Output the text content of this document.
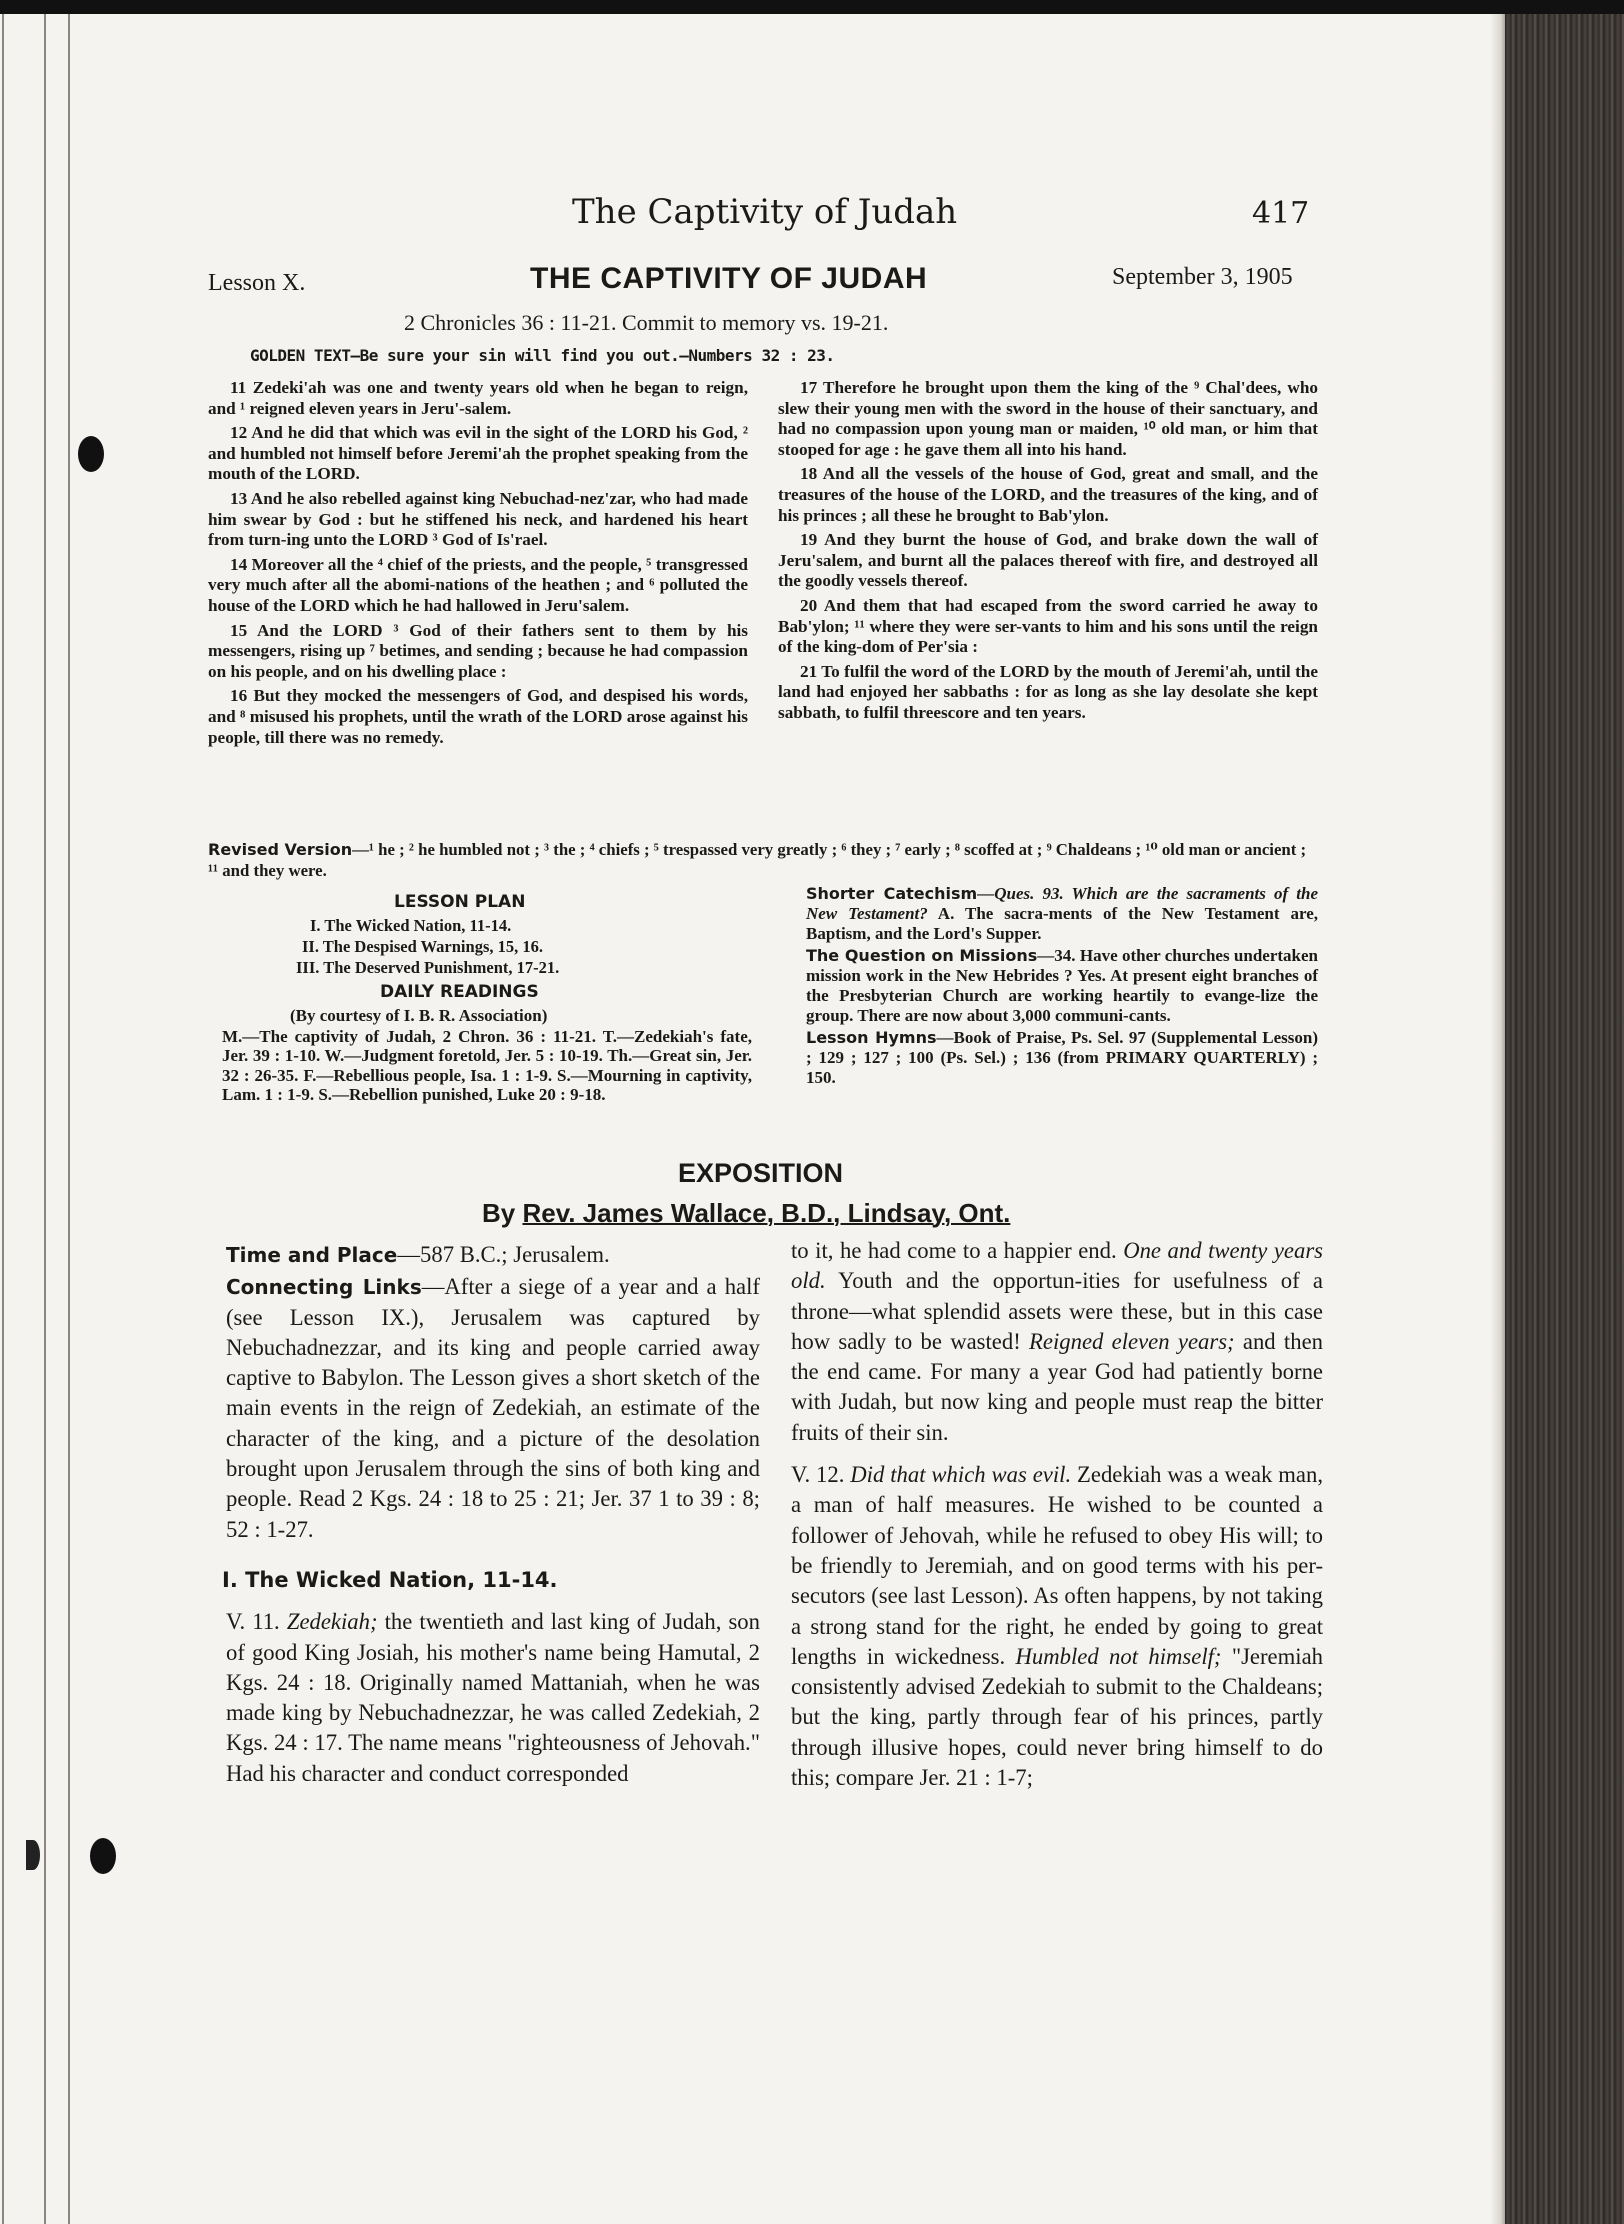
The Captivity of Judah	417
Lesson X.	THE CAPTIVITY OF JUDAH	September 3, 1905
2 Chronicles 36 : 11-21. Commit to memory vs. 19-21.
GOLDEN TEXT—Be sure your sin will find you out.—Numbers 32 : 23.

11 Zedeki'ah was one and twenty years old when he began to reign, and ¹ reigned eleven years in Jeru'-salem.

12 And he did that which was evil in the sight of the LORD his God, ² and humbled not himself before Jeremi'ah the prophet speaking from the mouth of the LORD.

13 And he also rebelled against king Nebuchad-nez'zar, who had made him swear by God : but he stiffened his neck, and hardened his heart from turn-ing unto the LORD ³ God of Is'rael.

14 Moreover all the ⁴ chief of the priests, and the people, ⁵ transgressed very much after all the abomi-nations of the heathen ; and ⁶ polluted the house of the LORD which he had hallowed in Jeru'salem.

15 And the LORD ³ God of their fathers sent to them by his messengers, rising up ⁷ betimes, and sending ; because he had compassion on his people, and on his dwelling place :

16 But they mocked the messengers of God, and despised his words, and ⁸ misused his prophets, until the wrath of the LORD arose against his people, till there was no remedy.

17 Therefore he brought upon them the king of the ⁹ Chal'dees, who slew their young men with the sword in the house of their sanctuary, and had no compassion upon young man or maiden, ¹⁰ old man, or him that stooped for age : he gave them all into his hand.

18 And all the vessels of the house of God, great and small, and the treasures of the house of the LORD, and the treasures of the king, and of his princes ; all these he brought to Bab'ylon.

19 And they burnt the house of God, and brake down the wall of Jeru'salem, and burnt all the palaces thereof with fire, and destroyed all the goodly vessels thereof.

20 And them that had escaped from the sword carried he away to Bab'ylon; ¹¹ where they were ser-vants to him and his sons until the reign of the king-dom of Per'sia :

21 To fulfil the word of the LORD by the mouth of Jeremi'ah, until the land had enjoyed her sabbaths : for as long as she lay desolate she kept sabbath, to fulfil threescore and ten years.

Revised Version—¹ he ; ² he humbled not ; ³ the ; ⁴ chiefs ; ⁵ trespassed very greatly ; ⁶ they ; ⁷ early ; ⁸ scoffed at ; ⁹ Chaldeans ; ¹⁰ old man or ancient ; ¹¹ and they were.
LESSON PLAN
I. The Wicked Nation, 11-14.
II. The Despised Warnings, 15, 16.
III. The Deserved Punishment, 17-21.
DAILY READINGS
(By courtesy of I. B. R. Association)
M.—The captivity of Judah, 2 Chron. 36 : 11-21. T.—Zedekiah's fate, Jer. 39 : 1-10. W.—Judgment foretold, Jer. 5 : 10-19. Th.—Great sin, Jer. 32 : 26-35. F.—Rebellious people, Isa. 1 : 1-9. S.—Mourning in captivity, Lam. 1 : 1-9. S.—Rebellion punished, Luke 20 : 9-18.

Shorter Catechism—Ques. 93. Which are the sacraments of the New Testament? A. The sacra-ments of the New Testament are, Baptism, and the Lord's Supper.

The Question on Missions—34. Have other churches undertaken mission work in the New Hebrides ? Yes. At present eight branches of the Presbyterian Church are working heartily to evange-lize the group. There are now about 3,000 communi-cants.

Lesson Hymns—Book of Praise, Ps. Sel. 97 (Supplemental Lesson) ; 129 ; 127 ; 100 (Ps. Sel.) ; 136 (from PRIMARY QUARTERLY) ; 150.

EXPOSITION
By Rev. James Wallace, B.D., Lindsay, Ont.

Time and Place—587 B.C.; Jerusalem.

Connecting Links—After a siege of a year and a half (see Lesson IX.), Jerusalem was captured by Nebuchadnezzar, and its king and people carried away captive to Babylon. The Lesson gives a short sketch of the main events in the reign of Zedekiah, an estimate of the character of the king, and a picture of the desolation brought upon Jerusalem through the sins of both king and people. Read 2 Kgs. 24 : 18 to 25 : 21; Jer. 37 1 to 39 : 8; 52 : 1-27.

I. The Wicked Nation, 11-14.

V. 11. Zedekiah; the twentieth and last king of Judah, son of good King Josiah, his mother's name being Hamutal, 2 Kgs. 24 : 18. Originally named Mattaniah, when he was made king by Nebuchadnezzar, he was called Zedekiah, 2 Kgs. 24 : 17. The name means "righteousness of Jehovah." Had his character and conduct corresponded

to it, he had come to a happier end. One and twenty years old. Youth and the opportun-ities for usefulness of a throne—what splendid assets were these, but in this case how sadly to be wasted! Reigned eleven years; and then the end came. For many a year God had patiently borne with Judah, but now king and people must reap the bitter fruits of their sin.

V. 12. Did that which was evil. Zedekiah was a weak man, a man of half measures. He wished to be counted a follower of Jehovah, while he refused to obey His will; to be friendly to Jeremiah, and on good terms with his per-secutors (see last Lesson). As often happens, by not taking a strong stand for the right, he ended by going to great lengths in wickedness. Humbled not himself; "Jeremiah consistently advised Zedekiah to submit to the Chaldeans; but the king, partly through fear of his princes, partly through illusive hopes, could never bring himself to do this; compare Jer. 21 : 1-7;
